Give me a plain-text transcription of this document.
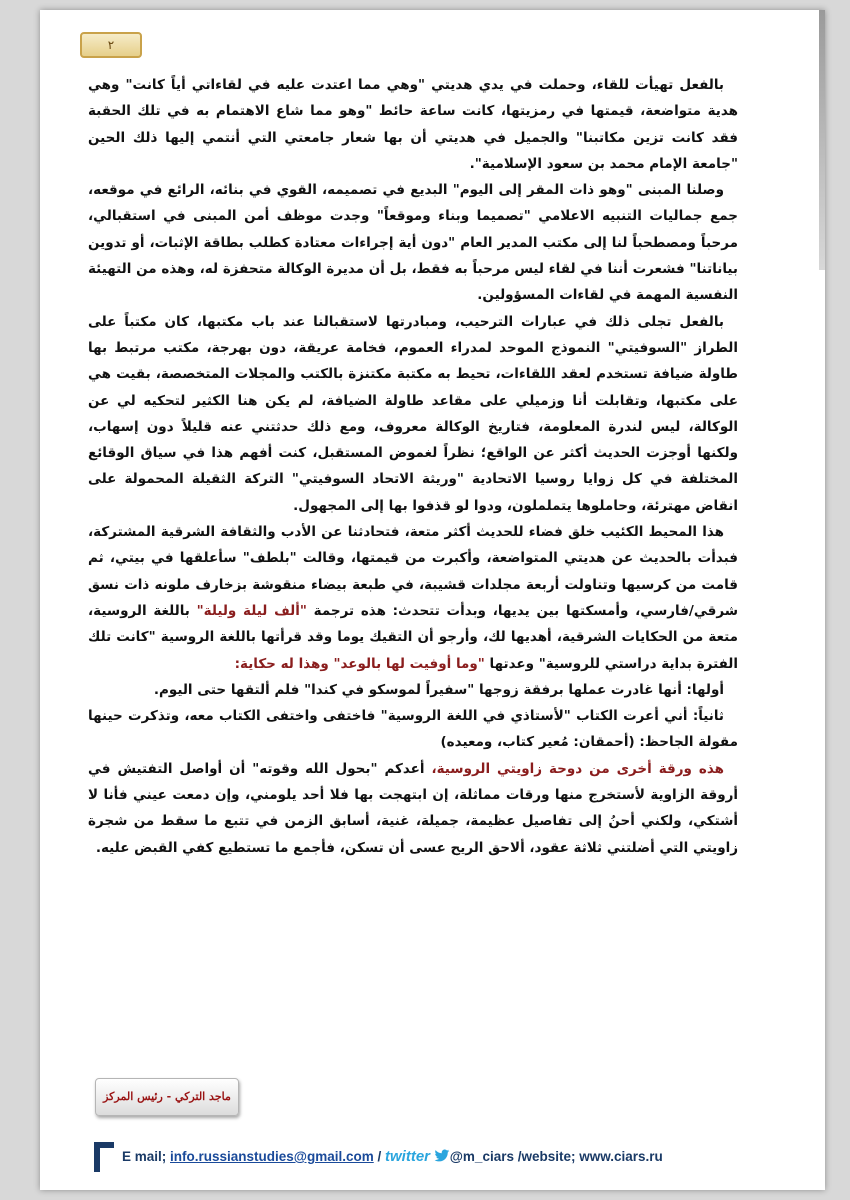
٢

بالفعل تهيأت للقاء، وحملت في يدي هديتي "وهي مما اعتدت عليه في لقاءاتي أياً كانت" وهي هدية متواضعة، قيمتها في رمزيتها، كانت ساعة حائط "وهو مما شاع الاهتمام به في تلك الحقبة فقد كانت تزين مكاتبنا" والجميل في هديتي أن بها شعار جامعتي التي أنتمي إليها ذلك الحين "جامعة الإمام محمد بن سعود الإسلامية".

وصلنا المبنى "وهو ذات المقر إلى اليوم" البديع في تصميمه، القوي في بنائه، الرائع في موقعه، جمع جماليات التنبيه الاعلامي "تصميما وبناء وموقعاً" وجدت موظف أمن المبنى في استقبالي، مرحباً ومصطحباً لنا إلى مكتب المدير العام "دون أية إجراءات معتادة كطلب بطاقة الإثبات، أو تدوين بياناتنا" فشعرت أننا في لقاء ليس مرحباً به فقط، بل أن مديرة الوكالة متحفزة له، وهذه من التهيئة النفسية المهمة في لقاءات المسؤولين.

بالفعل تجلى ذلك في عبارات الترحيب، ومبادرتها لاستقبالنا عند باب مكتبها، كان مكتباً على الطراز "السوفيتي" النموذج الموحد لمدراء العموم، فخامة عريقة، دون بهرجة، مكتب مرتبط بها طاولة ضيافة تستخدم لعقد اللقاءات، تحيط به مكتبة مكتنزة بالكتب والمجلات المتخصصة، بقيت هي على مكتبها، وتقابلت أنا وزميلي على مقاعد طاولة الضيافة، لم يكن هنا الكثير لتحكيه لي عن الوكالة، ليس لندرة المعلومة، فتاريخ الوكالة معروف، ومع ذلك حدثتني عنه قليلاً دون إسهاب، ولكنها أوجزت الحديث أكثر عن الواقع؛ نظراً لغموض المستقبل، كنت أفهم هذا في سياق الوقائع المختلفة في كل زوايا روسيا الاتحادية "وريثة الاتحاد السوفيتي" التركة الثقيلة المحمولة على انقاض مهترئة، وحاملوها يتململون، ودوا لو قذفوا بها إلى المجهول.

هذا المحيط الكئيب خلق فضاء للحديث أكثر متعة، فتحادثنا عن الأدب والثقافة الشرقية المشتركة، فبدأت بالحديث عن هديتي المتواضعة، وأكبرت من قيمتها، وقالت "بلطف" سأعلقها في بيتي، ثم قامت من كرسيها وتناولت أربعة مجلدات قشيبة، في طبعة بيضاء منقوشة بزخارف ملونه ذات نسق شرقي/فارسي، وأمسكتها بين يديها، وبدأت تتحدث: هذه ترجمة "ألف ليلة وليلة" باللغة الروسية، متعة من الحكايات الشرقية، أهديها لك، وأرجو أن التقيك يوما وقد قرأتها باللغة الروسية "كانت تلك الفترة بداية دراستي للروسية" وعدتها "وما أوفيت لها بالوعد" وهذا له حكاية:

أولها: أنها غادرت عملها برفقة زوجها "سفيراً لموسكو في كندا" فلم ألتقها حتى اليوم.

ثانياً: أني أعرت الكتاب "لأستاذي في اللغة الروسية" فاختفى واختفى الكتاب معه، وتذكرت حينها مقولة الجاحظ: (أحمقان: مُعير كتاب، ومعيده)

هذه ورقة أخرى من دوحة زاويتي الروسية، أعدكم "بحول الله وقوته" أن أواصل التفتيش في أروقة الزاوية لأستخرج منها ورقات مماثلة، إن ابتهجت بها فلا أحد يلومني، وإن دمعت عيني فأنا لا أشتكي، ولكني أحنُ إلى تفاصيل عظيمة، جميلة، غنية، أسابق الزمن في تتبع ما سقط من شجرة زاويتي التي أضلتني ثلاثة عقود، ألاحق الريح عسى أن تسكن، فأجمع ما تستطيع كفي القبض عليه.

ماجد التركي - رئيس المركز
E mail; info.russianstudies@gmail.com / twitter @m_ciars /website; www.ciars.ru
